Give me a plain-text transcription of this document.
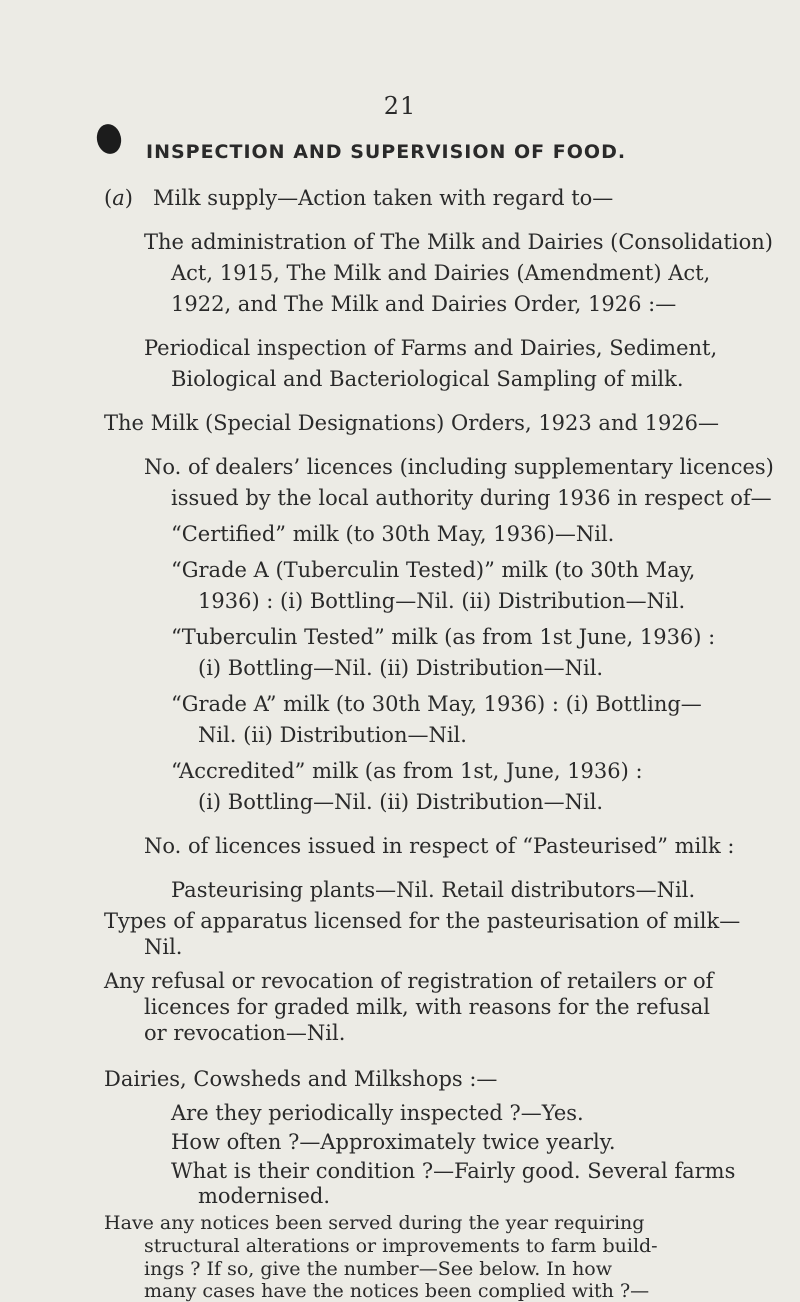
21
INSPECTION AND SUPERVISION OF FOOD.
(a) Milk supply—Action taken with regard to—
The administration of The Milk and Dairies (Consolidation)
Act, 1915, The Milk and Dairies (Amendment) Act,
1922, and The Milk and Dairies Order, 1926 :—
Periodical inspection of Farms and Dairies, Sediment,
Biological and Bacteriological Sampling of milk.
The Milk (Special Designations) Orders, 1923 and 1926—
No. of dealers’ licences (including supplementary licences)
issued by the local authority during 1936 in respect of—
“Certified” milk (to 30th May, 1936)—Nil.
“Grade A (Tuberculin Tested)” milk (to 30th May,
1936) : (i) Bottling—Nil. (ii) Distribution—Nil.
“Tuberculin Tested” milk (as from 1st June, 1936) :
(i) Bottling—Nil. (ii) Distribution—Nil.
“Grade A” milk (to 30th May, 1936) : (i) Bottling—
Nil. (ii) Distribution—Nil.
“Accredited” milk (as from 1st, June, 1936) :
(i) Bottling—Nil. (ii) Distribution—Nil.
No. of licences issued in respect of “Pasteurised” milk :
Pasteurising plants—Nil. Retail distributors—Nil.
Types of apparatus licensed for the pasteurisation of milk—
Nil.
Any refusal or revocation of registration of retailers or of
licences for graded milk, with reasons for the refusal
or revocation—Nil.
Dairies, Cowsheds and Milkshops :—
Are they periodically inspected ?—Yes.
How often ?—Approximately twice yearly.
What is their condition ?—Fairly good. Several farms
modernised.
Have any notices been served during the year requiring
structural alterations or improvements to farm build-
ings ? If so, give the number—See below. In how
many cases have the notices been complied with ?—
